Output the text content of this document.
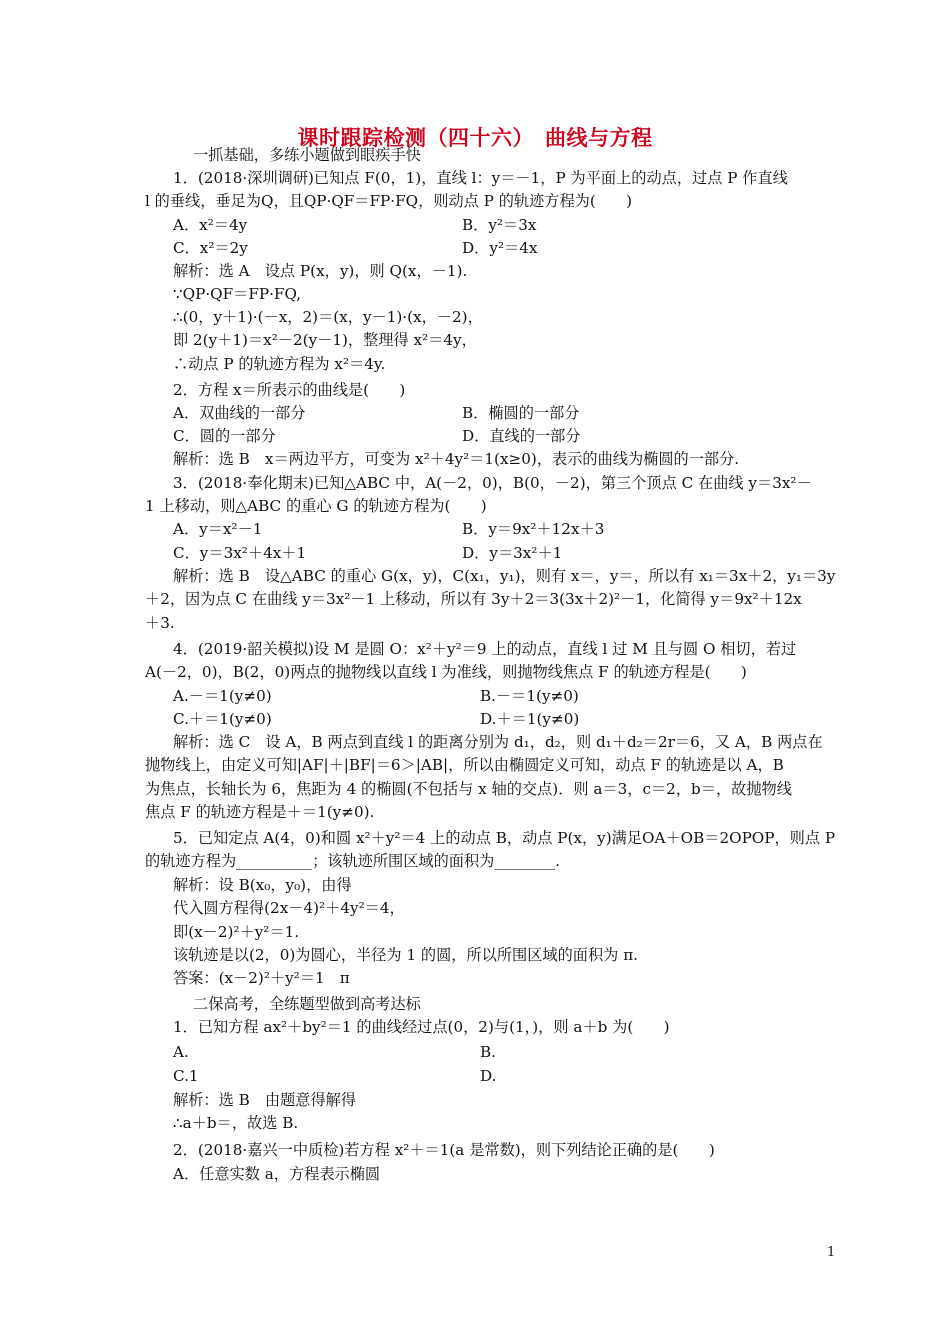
课时跟踪检测（四十六）　曲线与方程
一抓基础，多练小题做到眼疾手快
1．(2018·深圳调研)已知点 F(0，1)，直线 l：y＝－1，P 为平面上的动点，过点 P 作直线
l 的垂线，垂足为Q，且QP·QF＝FP·FQ，则动点 P 的轨迹方程为(　　)
A．x²＝4y	B．y²＝3x
C．x²＝2y	D．y²＝4x
解析：选 A　设点 P(x，y)，则 Q(x，－1).
∵QP·QF＝FP·FQ,
∴(0，y＋1)·(－x，2)＝(x，y－1)·(x，－2)，
即 2(y＋1)＝x²－2(y－1)，整理得 x²＝4y，
∴动点 P 的轨迹方程为 x²＝4y.
2．方程 x＝所表示的曲线是(　　)
A．双曲线的一部分	B．椭圆的一部分
C．圆的一部分	D．直线的一部分
解析：选 B　x＝两边平方，可变为 x²＋4y²＝1(x≥0)，表示的曲线为椭圆的一部分.
3．(2018·奉化期末)已知△ABC 中，A(－2，0)，B(0，－2)，第三个顶点 C 在曲线 y＝3x²－
1 上移动，则△ABC 的重心 G 的轨迹方程为(　　)
A．y＝x²－1	B．y＝9x²＋12x＋3
C．y＝3x²＋4x＋1	D．y＝3x²＋1
解析：选 B　设△ABC 的重心 G(x，y)，C(x₁，y₁)，则有 x＝，y＝，所以有 x₁＝3x＋2，y₁＝3y
＋2，因为点 C 在曲线 y＝3x²－1 上移动，所以有 3y＋2＝3(3x＋2)²－1，化简得 y＝9x²＋12x
＋3.
4．(2019·韶关模拟)设 M 是圆 O：x²＋y²＝9 上的动点，直线 l 过 M 且与圆 O 相切，若过
A(－2，0)，B(2，0)两点的抛物线以直线 l 为准线，则抛物线焦点 F 的轨迹方程是(　　)
A.－＝1(y≠0)	B.－＝1(y≠0)
C.＋＝1(y≠0)	D.＋＝1(y≠0)
解析：选 C　设 A，B 两点到直线 l 的距离分别为 d₁，d₂，则 d₁＋d₂＝2r＝6，又 A，B 两点在
抛物线上，由定义可知|AF|＋|BF|＝6＞|AB|，所以由椭圆定义可知，动点 F 的轨迹是以 A，B
为焦点，长轴长为 6，焦距为 4 的椭圆(不包括与 x 轴的交点)．则 a＝3，c＝2，b＝，故抛物线
焦点 F 的轨迹方程是＋＝1(y≠0).
5．已知定点 A(4，0)和圆 x²＋y²＝4 上的动点 B，动点 P(x，y)满足OA＋OB＝2OPOP，则点 P
的轨迹方程为__________；该轨迹所围区域的面积为________.
解析：设 B(x₀，y₀)，由得
代入圆方程得(2x－4)²＋4y²＝4，
即(x－2)²＋y²＝1.
该轨迹是以(2，0)为圆心，半径为 1 的圆，所以所围区域的面积为 π.
答案：(x－2)²＋y²＝1　π
二保高考，全练题型做到高考达标
1．已知方程 ax²＋by²＝1 的曲线经过点(0，2)与(1，)，则 a＋b 为(　　)
A.	B.
C.1	D.
解析：选 B　由题意得解得
∴a＋b＝，故选 B.
2．(2018·嘉兴一中质检)若方程 x²＋＝1(a 是常数)，则下列结论正确的是(　　)
A．任意实数 a，方程表示椭圆
1
